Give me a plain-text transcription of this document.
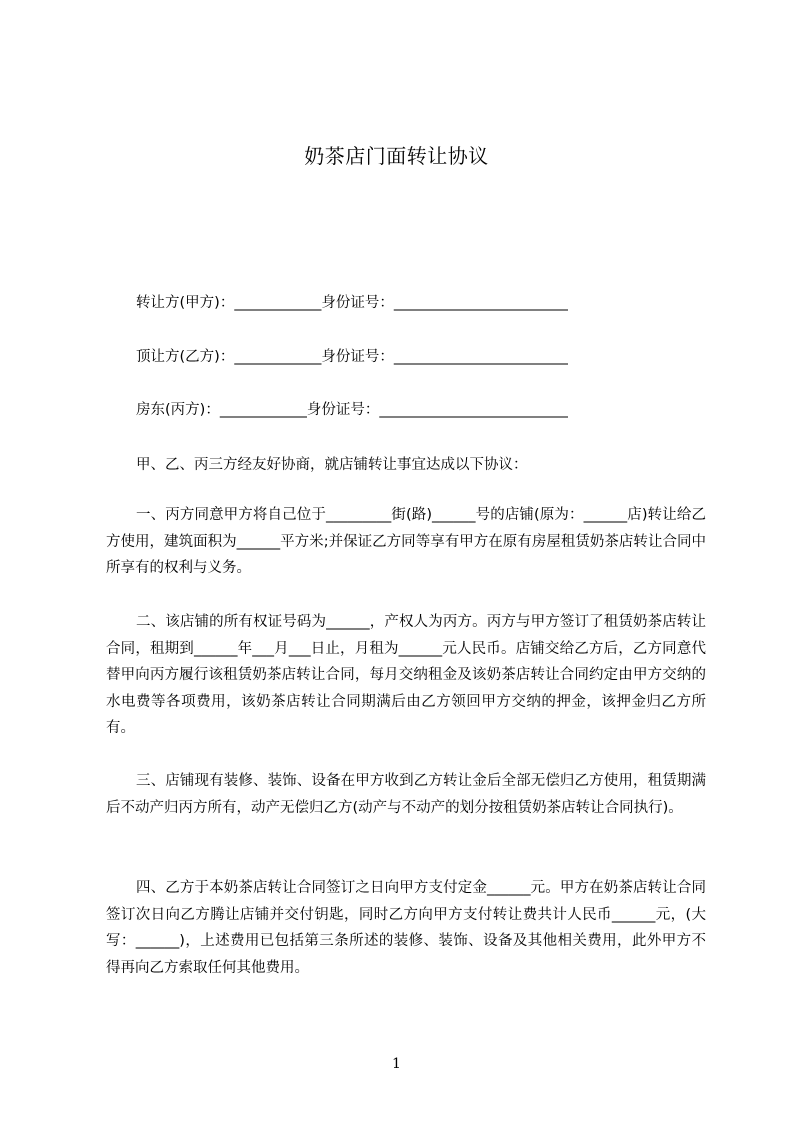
奶茶店门面转让协议
转让方(甲方)：____________身份证号：________________________
顶让方(乙方)：____________身份证号：________________________
房东(丙方)：____________身份证号：__________________________
甲、乙、丙三方经友好协商，就店铺转让事宜达成以下协议：
一、丙方同意甲方将自己位于_________街(路)______号的店铺(原为：______店)转让给乙方使用，建筑面积为______平方米;并保证乙方同等享有甲方在原有房屋租赁奶茶店转让合同中所享有的权利与义务。
二、该店铺的所有权证号码为______，产权人为丙方。丙方与甲方签订了租赁奶茶店转让合同，租期到______年___月___日止，月租为______元人民币。店铺交给乙方后，乙方同意代替甲向丙方履行该租赁奶茶店转让合同，每月交纳租金及该奶茶店转让合同约定由甲方交纳的水电费等各项费用，该奶茶店转让合同期满后由乙方领回甲方交纳的押金，该押金归乙方所有。
三、店铺现有装修、装饰、设备在甲方收到乙方转让金后全部无偿归乙方使用，租赁期满后不动产归丙方所有，动产无偿归乙方(动产与不动产的划分按租赁奶茶店转让合同执行)。
四、乙方于本奶茶店转让合同签订之日向甲方支付定金______元。甲方在奶茶店转让合同签订次日向乙方腾让店铺并交付钥匙，同时乙方向甲方支付转让费共计人民币______元，(大写：______)，上述费用已包括第三条所述的装修、装饰、设备及其他相关费用，此外甲方不得再向乙方索取任何其他费用。
1
